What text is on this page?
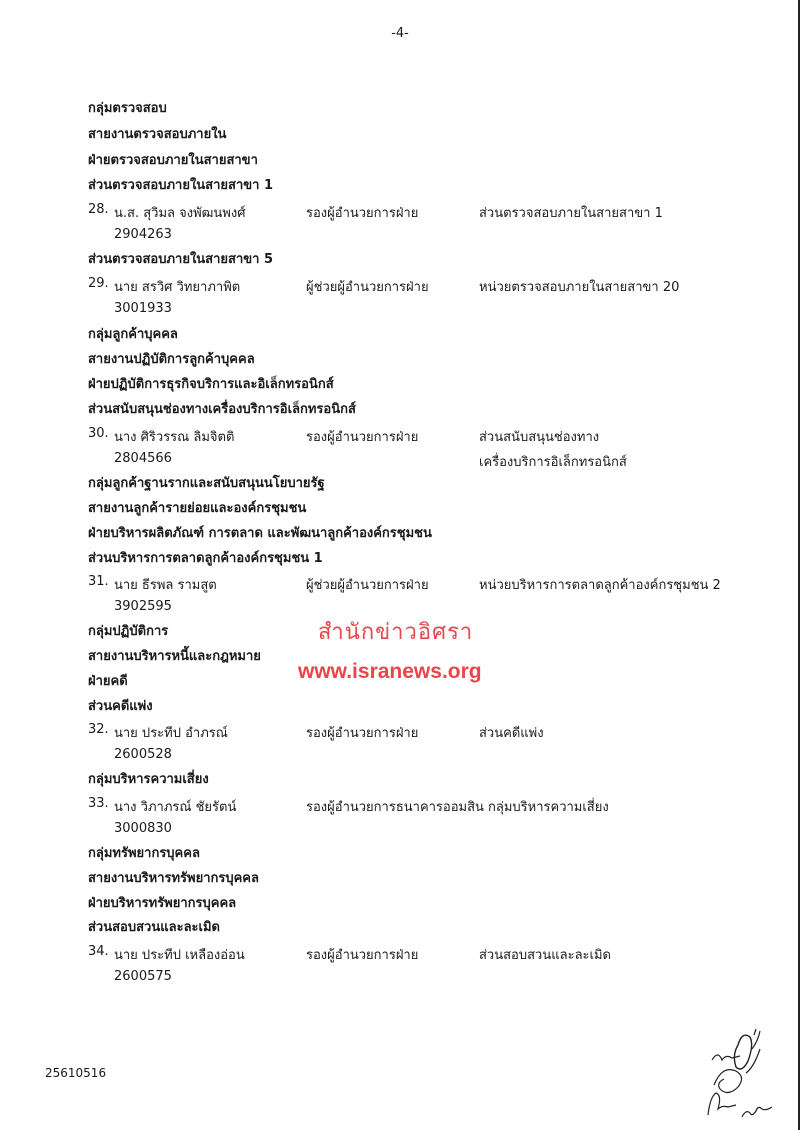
-4-
กลุ่มตรวจสอบ
สายงานตรวจสอบภายใน
ฝ่ายตรวจสอบภายในสายสาขา
ส่วนตรวจสอบภายในสายสาขา 1
28. น.ส. สุวิมล จงพัฒนพงศ์	รองผู้อำนวยการฝ่าย	ส่วนตรวจสอบภายในสายสาขา 1
2904263
ส่วนตรวจสอบภายในสายสาขา 5
29. นาย สรวิศ วิทยาภาพิต	ผู้ช่วยผู้อำนวยการฝ่าย	หน่วยตรวจสอบภายในสายสาขา 20
3001933
กลุ่มลูกค้าบุคคล
สายงานปฏิบัติการลูกค้าบุคคล
ฝ่ายปฏิบัติการธุรกิจบริการและอิเล็กทรอนิกส์
ส่วนสนับสนุนช่องทางเครื่องบริการอิเล็กทรอนิกส์
30. นาง ศิริวรรณ ลิมจิตติ	รองผู้อำนวยการฝ่าย	ส่วนสนับสนุนช่องทาง
2804566	เครื่องบริการอิเล็กทรอนิกส์
กลุ่มลูกค้าฐานรากและสนับสนุนนโยบายรัฐ
สายงานลูกค้ารายย่อยและองค์กรชุมชน
ฝ่ายบริหารผลิตภัณฑ์ การตลาด และพัฒนาลูกค้าองค์กรชุมชน
ส่วนบริหารการตลาดลูกค้าองค์กรชุมชน 1
31. นาย ธีรพล รามสูต	ผู้ช่วยผู้อำนวยการฝ่าย	หน่วยบริหารการตลาดลูกค้าองค์กรชุมชน 2
3902595
กลุ่มปฏิบัติการ
สายงานบริหารหนี้และกฎหมาย
ฝ่ายคดี
ส่วนคดีแพ่ง
สำนักข่าวอิศรา
www.isranews.org
32. นาย ประทีป อำภรณ์	รองผู้อำนวยการฝ่าย	ส่วนคดีแพ่ง
2600528
กลุ่มบริหารความเสี่ยง
33. นาง วิภาภรณ์ ชัยรัตน์	รองผู้อำนวยการธนาคารออมสิน กลุ่มบริหารความเสี่ยง
3000830
กลุ่มทรัพยากรบุคคล
สายงานบริหารทรัพยากรบุคคล
ฝ่ายบริหารทรัพยากรบุคคล
ส่วนสอบสวนและละเมิด
34. นาย ประทีป เหลืองอ่อน	รองผู้อำนวยการฝ่าย	ส่วนสอบสวนและละเมิด
2600575
25610516
